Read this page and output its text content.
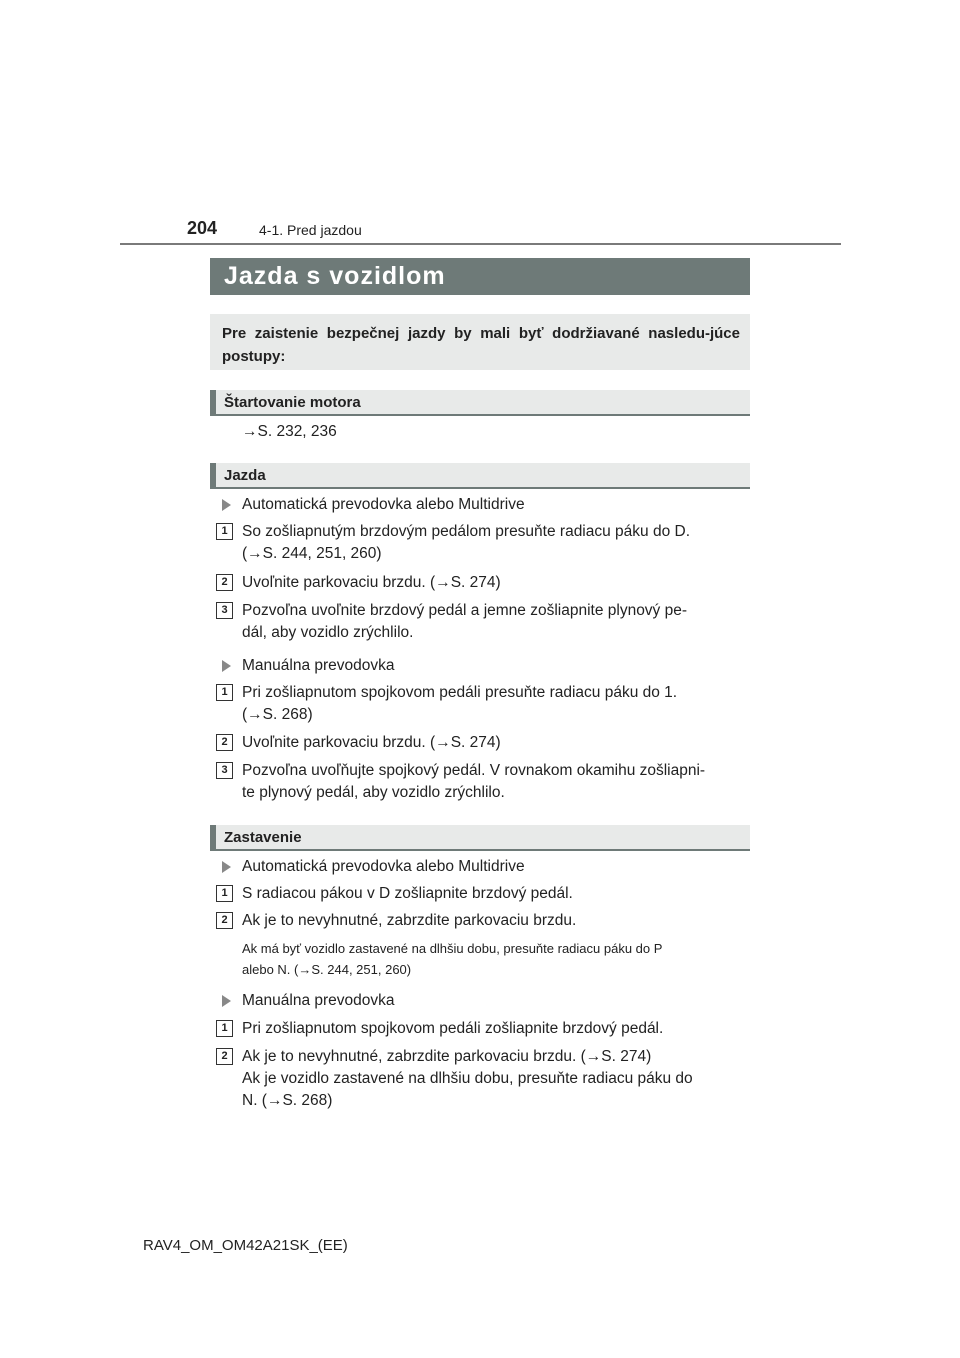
204	4-1. Pred jazdou
Jazda s vozidlom
Pre zaistenie bezpečnej jazdy by mali byť dodržiavané nasledu-júce postupy:
Štartovanie motora
→S. 232, 236
Jazda
Automatická prevodovka alebo Multidrive
1 So zošliapnutým brzdovým pedálom presuňte radiacu páku do D.
(→S. 244, 251, 260)
2 Uvoľnite parkovaciu brzdu. (→S. 274)
3 Pozvoľna uvoľnite brzdový pedál a jemne zošliapnite plynový pe-
dál, aby vozidlo zrýchlilo.
Manuálna prevodovka
1 Pri zošliapnutom spojkovom pedáli presuňte radiacu páku do 1.
(→S. 268)
2 Uvoľnite parkovaciu brzdu. (→S. 274)
3 Pozvoľna uvoľňujte spojkový pedál. V rovnakom okamihu zošliapni-
te plynový pedál, aby vozidlo zrýchlilo.
Zastavenie
Automatická prevodovka alebo Multidrive
1 S radiacou pákou v D zošliapnite brzdový pedál.
2 Ak je to nevyhnutné, zabrzdite parkovaciu brzdu.
Ak má byť vozidlo zastavené na dlhšiu dobu, presuňte radiacu páku do P
alebo N. (→S. 244, 251, 260)
Manuálna prevodovka
1 Pri zošliapnutom spojkovom pedáli zošliapnite brzdový pedál.
2 Ak je to nevyhnutné, zabrzdite parkovaciu brzdu. (→S. 274)
Ak je vozidlo zastavené na dlhšiu dobu, presuňte radiacu páku do
N. (→S. 268)
RAV4_OM_OM42A21SK_(EE)
